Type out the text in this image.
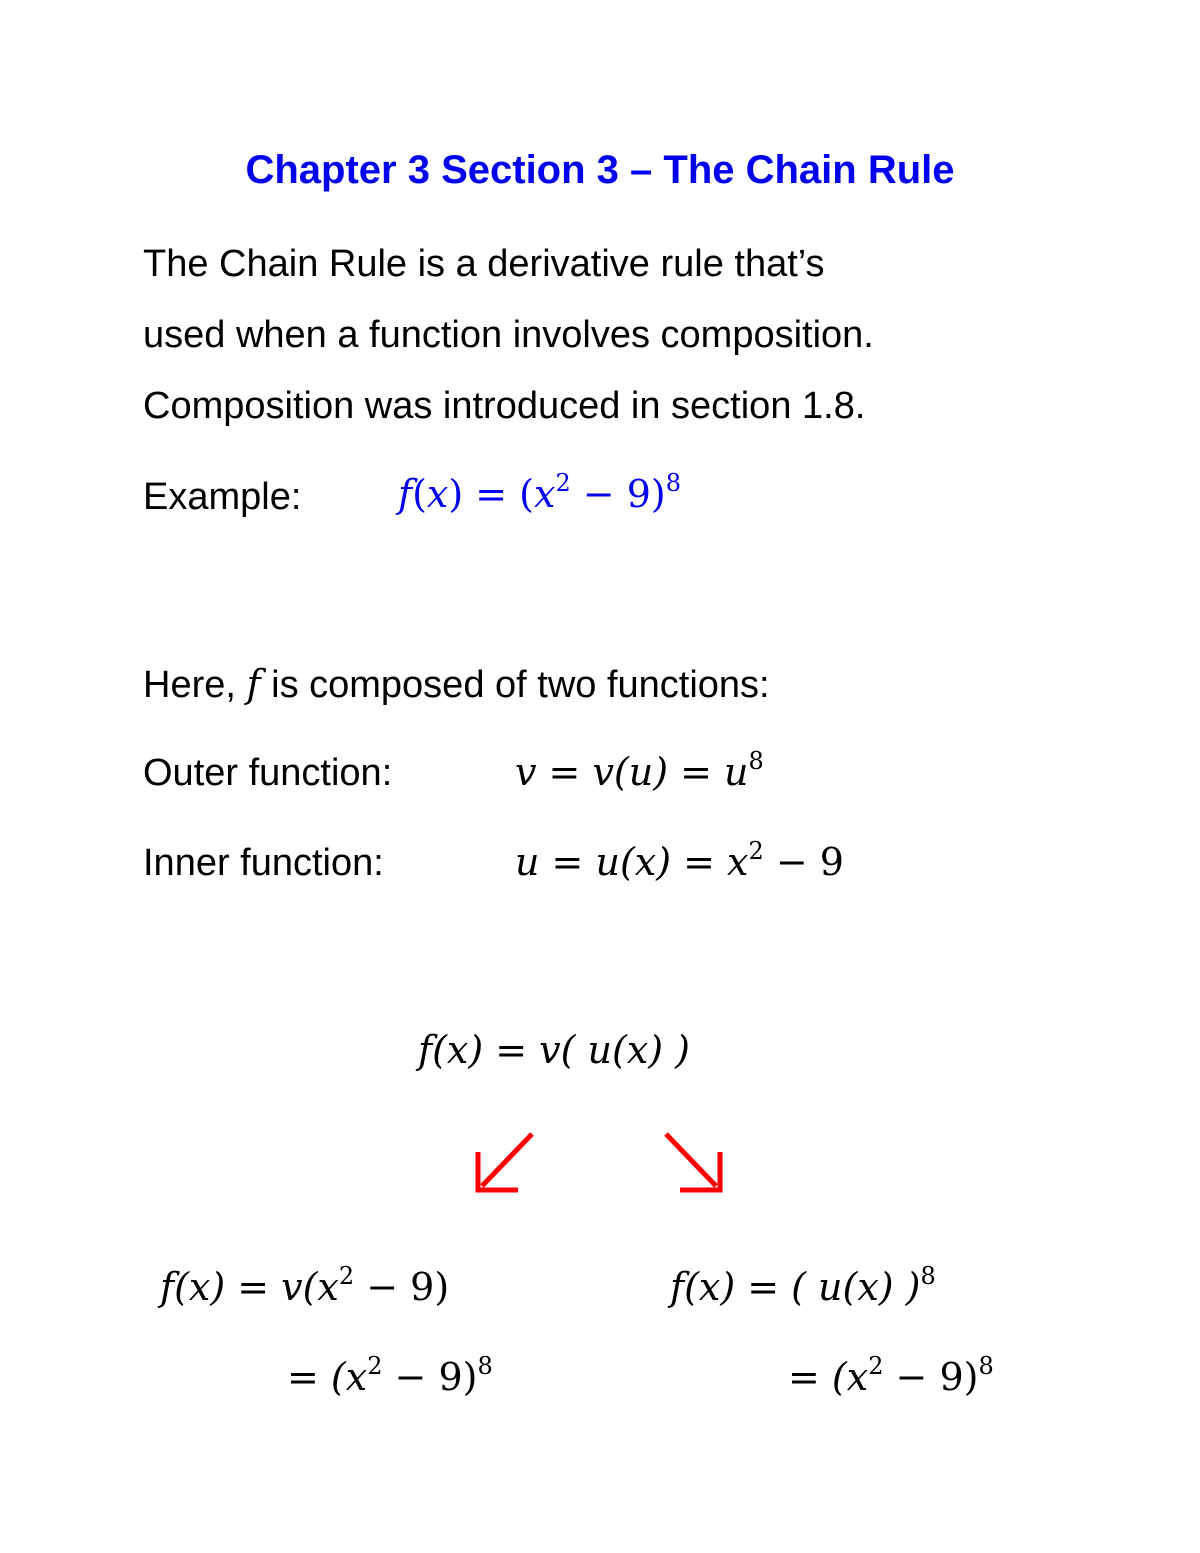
Chapter 3 Section 3 – The Chain Rule
The Chain Rule is a derivative rule that’s
used when a function involves composition.
Composition was introduced in section 1.8.
Example:	$f(x) = (x^2 - 9)^8$
Here, f is composed of two functions:
Outer function:	$v = v(u) = u^8$
Inner function:	$u = u(x) = x^2 - 9$
f(x) = v( u(x) )
$f(x) = v(x^2 - 9)$
= $(x^2 - 9)^8$
f(x) = ( u(x) )$^8$
= $(x^2 - 9)^8$
